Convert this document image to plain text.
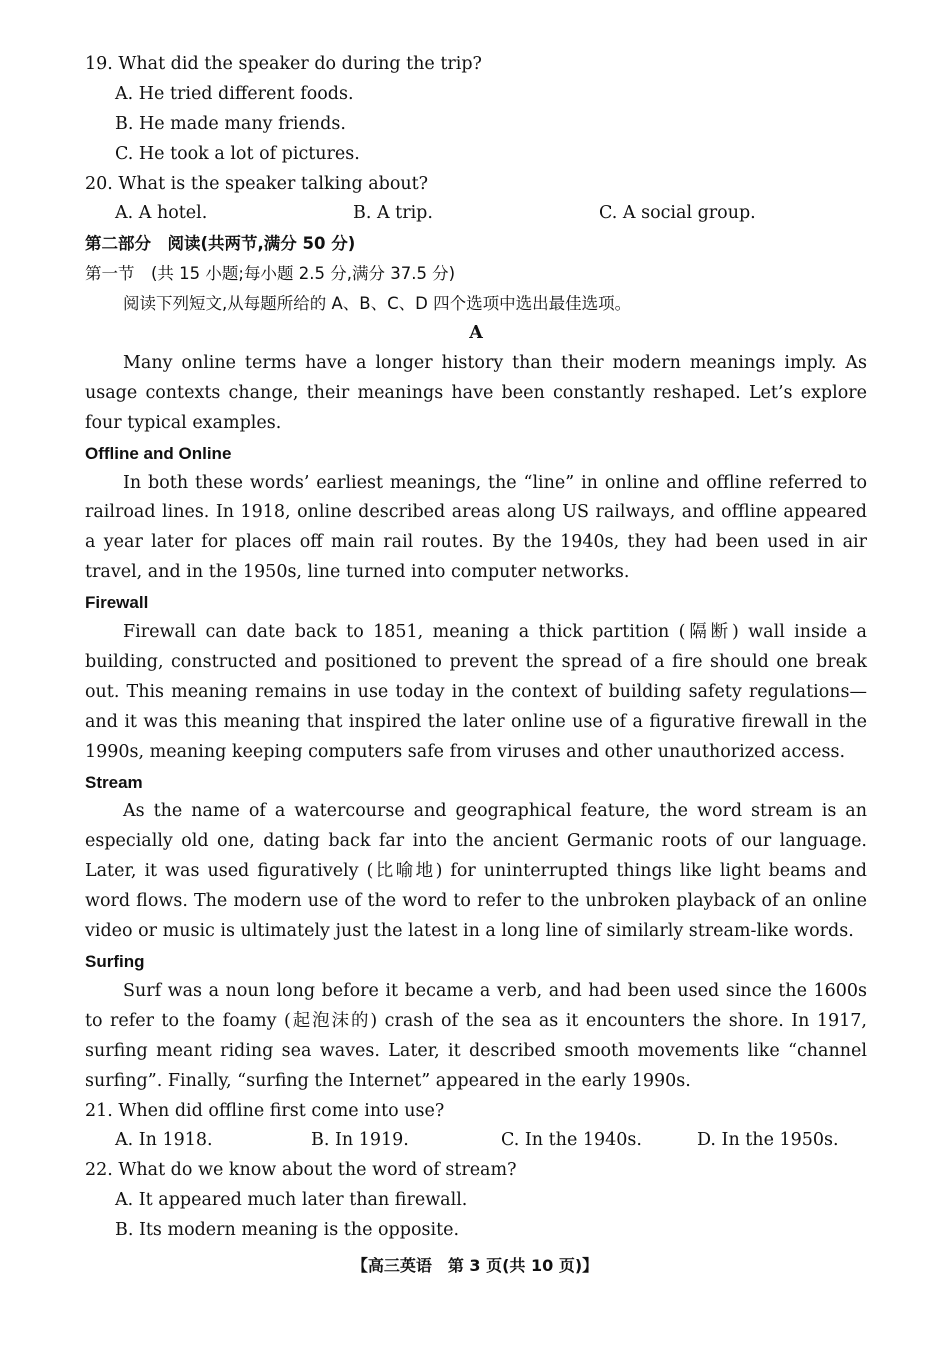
19. What did the speaker do during the trip?
A. He tried different foods.
B. He made many friends.
C. He took a lot of pictures.
20. What is the speaker talking about?
A. A hotel.	B. A trip.	C. A social group.
第二部分　阅读(共两节,满分 50 分)
第一节　(共 15 小题;每小题 2.5 分,满分 37.5 分)
阅读下列短文,从每题所给的 A、B、C、D 四个选项中选出最佳选项。
A

Many online terms have a longer history than their modern meanings imply. As usage contexts change, their meanings have been constantly reshaped. Let’s explore four typical examples.

Offline and Online

In both these words’ earliest meanings, the “line” in online and offline referred to railroad lines. In 1918, online described areas along US railways, and offline appeared a year later for places off main rail routes. By the 1940s, they had been used in air travel, and in the 1950s, line turned into computer networks.

Firewall

Firewall can date back to 1851, meaning a thick partition (隔断) wall inside a building, constructed and positioned to prevent the spread of a fire should one break out. This meaning remains in use today in the context of building safety regulations—and it was this meaning that inspired the later online use of a figurative firewall in the 1990s, meaning keeping computers safe from viruses and other unauthorized access.

Stream

As the name of a watercourse and geographical feature, the word stream is an especially old one, dating back far into the ancient Germanic roots of our language. Later, it was used figuratively (比喻地) for uninterrupted things like light beams and word flows. The modern use of the word to refer to the unbroken playback of an online video or music is ultimately just the latest in a long line of similarly stream-like words.

Surfing

Surf was a noun long before it became a verb, and had been used since the 1600s to refer to the foamy (起泡沫的) crash of the sea as it encounters the shore. In 1917, surfing meant riding sea waves. Later, it described smooth movements like “channel surfing”. Finally, “surfing the Internet” appeared in the early 1990s.

21. When did offline first come into use?
A. In 1918.	B. In 1919.	C. In the 1940s.	D. In the 1950s.
22. What do we know about the word of stream?
A. It appeared much later than firewall.
B. Its modern meaning is the opposite.
【高三英语　第 3 页(共 10 页)】
